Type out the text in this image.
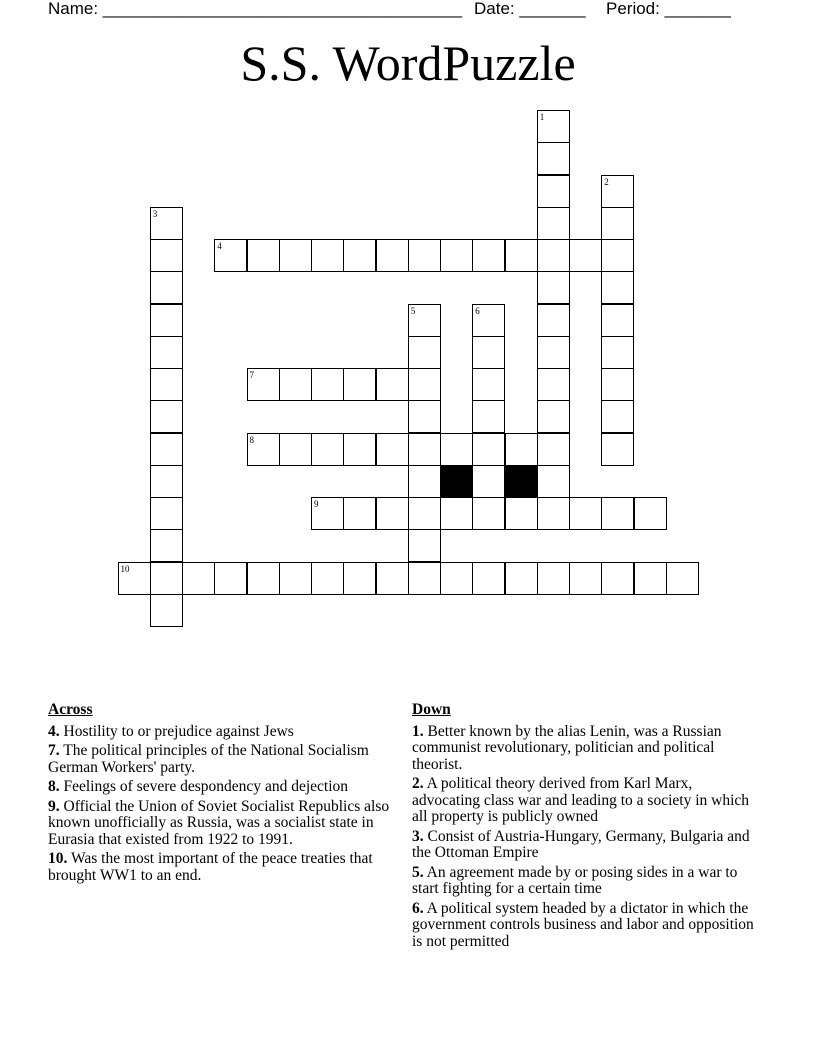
Name: ______________________________________ Date: _______ Period: _______
S.S. WordPuzzle
1
2
3
4
5	6
7
8
9
10
Across
4. Hostility to or prejudice against Jews
7. The political principles of the National Socialism German Workers' party.
8. Feelings of severe despondency and dejection
9. Official the Union of Soviet Socialist Republics also known unofficially as Russia, was a socialist state in Eurasia that existed from 1922 to 1991.
10. Was the most important of the peace treaties that brought WW1 to an end.
Down
1. Better known by the alias Lenin, was a Russian communist revolutionary, politician and political theorist.
2. A political theory derived from Karl Marx, advocating class war and leading to a society in which all property is publicly owned
3. Consist of Austria-Hungary, Germany, Bulgaria and the Ottoman Empire
5. An agreement made by or posing sides in a war to start fighting for a certain time
6. A political system headed by a dictator in which the government controls business and labor and opposition is not permitted
